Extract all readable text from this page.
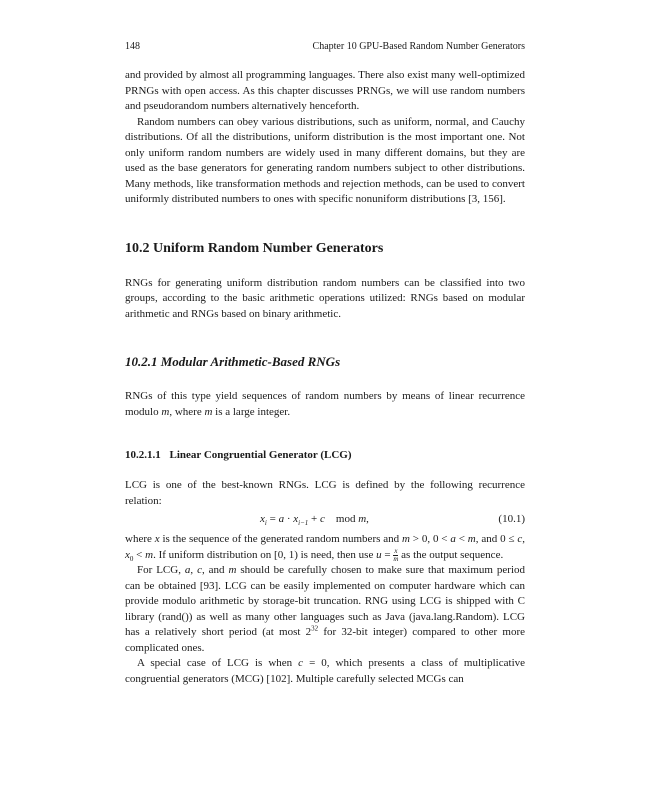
148	Chapter 10 GPU-Based Random Number Generators

and provided by almost all programming languages. There also exist many well-optimized PRNGs with open access. As this chapter discusses PRNGs, we will use random numbers and pseudorandom numbers alternatively henceforth.

Random numbers can obey various distributions, such as uniform, normal, and Cauchy distributions. Of all the distributions, uniform distribution is the most important one. Not only uniform random numbers are widely used in many different domains, but they are used as the base generators for generating random numbers subject to other distributions. Many methods, like transformation methods and rejection methods, can be used to convert uniformly distributed numbers to ones with specific nonuniform distributions [3, 156].

10.2 Uniform Random Number Generators

RNGs for generating uniform distribution random numbers can be classified into two groups, according to the basic arithmetic operations utilized: RNGs based on modular arithmetic and RNGs based on binary arithmetic.

10.2.1 Modular Arithmetic-Based RNGs

RNGs of this type yield sequences of random numbers by means of linear recurrence modulo m, where m is a large integer.

10.2.1.1 Linear Congruential Generator (LCG)

LCG is one of the best-known RNGs. LCG is defined by the following recurrence relation:

$x_i = a \cdot x_{i-1} + c$    mod m,	(10.1)

where x is the sequence of the generated random numbers and m > 0, 0 < a < m, and 0 ≤ c, $x_0 < m$. If uniform distribution on [0, 1) is need, then use $u = \frac{x}{m}$ as the output sequence.

For LCG, a, c, and m should be carefully chosen to make sure that maximum period can be obtained [93]. LCG can be easily implemented on computer hardware which can provide modulo arithmetic by storage-bit truncation. RNG using LCG is shipped with C library (rand()) as well as many other languages such as Java (java.lang.Random). LCG has a relatively short period (at most $2^{32}$ for 32-bit integer) compared to other more complicated ones.

A special case of LCG is when c = 0, which presents a class of multiplicative congruential generators (MCG) [102]. Multiple carefully selected MCGs can
